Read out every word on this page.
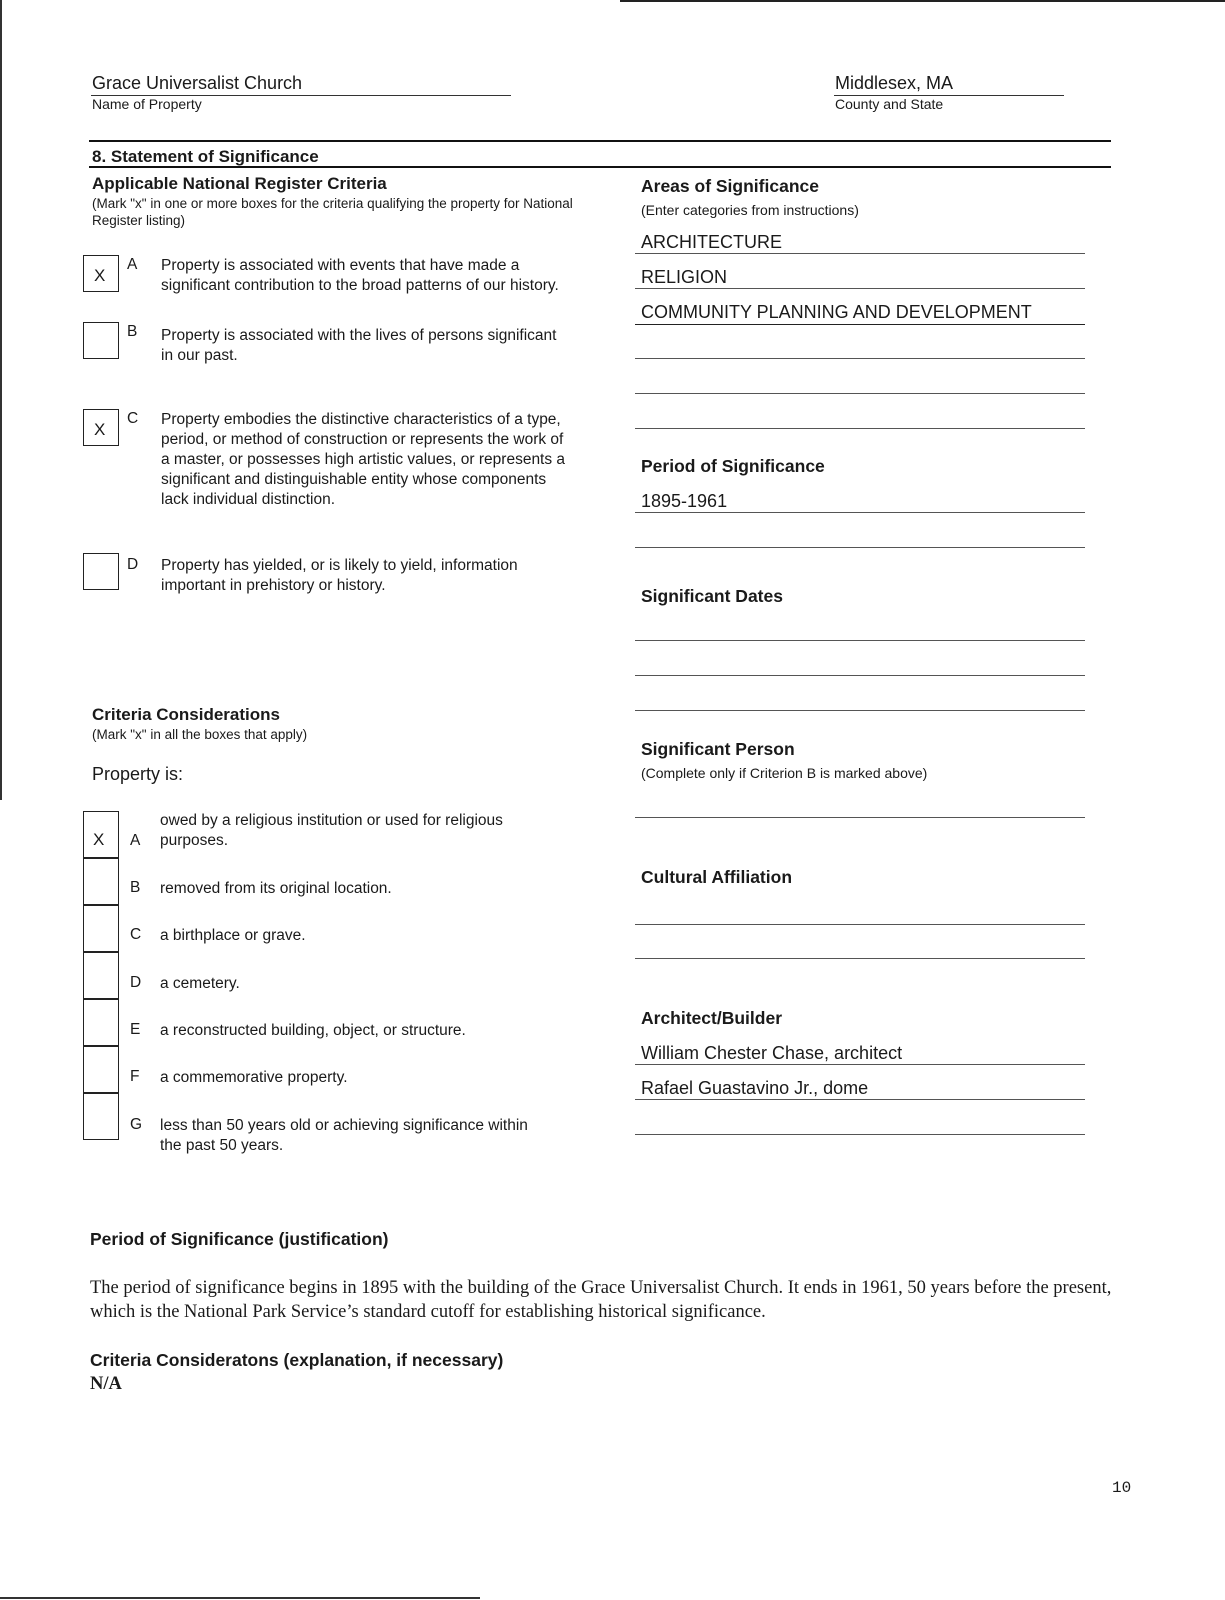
Grace Universalist Church
Name of Property
Middlesex, MA
County and State
8. Statement of Significance
Applicable National Register Criteria
(Mark "x" in one or more boxes for the criteria qualifying the property for National Register listing)
X
A Property is associated with events that have made a significant contribution to the broad patterns of our history.
B Property is associated with the lives of persons significant in our past.
X
C Property embodies the distinctive characteristics of a type, period, or method of construction or represents the work of a master, or possesses high artistic values, or represents a significant and distinguishable entity whose components lack individual distinction.
D Property has yielded, or is likely to yield, information important in prehistory or history.
Criteria Considerations
(Mark "x" in all the boxes that apply)
Property is:
X A
owed by a religious institution or used for religious purposes.
B removed from its original location.
C a birthplace or grave.
D a cemetery.
E a reconstructed building, object, or structure.
F a commemorative property.
G less than 50 years old or achieving significance within the past 50 years.
Areas of Significance
(Enter categories from instructions)
ARCHITECTURE
RELIGION
COMMUNITY PLANNING AND DEVELOPMENT
Period of Significance
1895-1961
Significant Dates
Significant Person
(Complete only if Criterion B is marked above)
Cultural Affiliation
Architect/Builder
William Chester Chase, architect
Rafael Guastavino Jr., dome
Period of Significance (justification)
The period of significance begins in 1895 with the building of the Grace Universalist Church. It ends in 1961, 50 years before the present, which is the National Park Service’s standard cutoff for establishing historical significance.
Criteria Consideratons (explanation, if necessary)
N/A
10
